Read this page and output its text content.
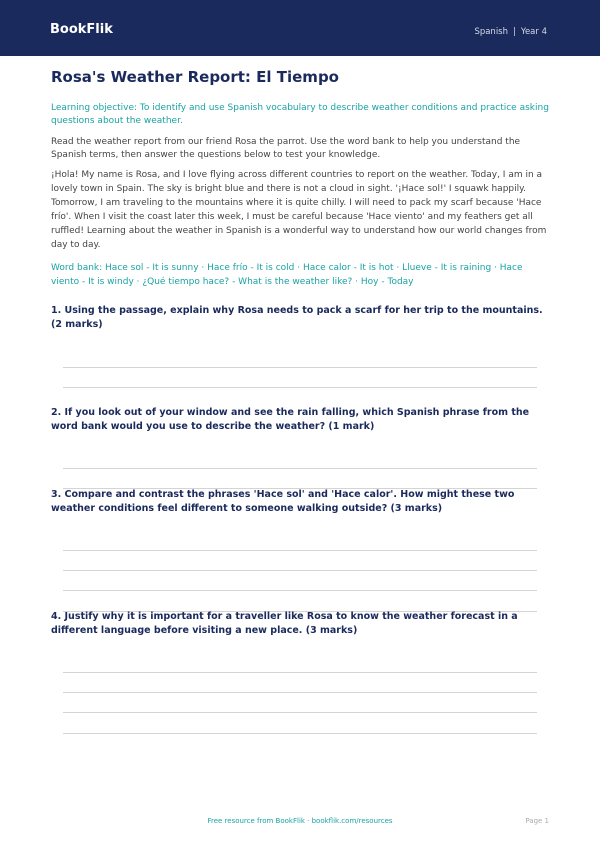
BookFlik	Spanish | Year 4
Rosa's Weather Report: El Tiempo
Learning objective: To identify and use Spanish vocabulary to describe weather conditions and practice asking questions about the weather.
Read the weather report from our friend Rosa the parrot. Use the word bank to help you understand the Spanish terms, then answer the questions below to test your knowledge.
¡Hola! My name is Rosa, and I love flying across different countries to report on the weather. Today, I am in a lovely town in Spain. The sky is bright blue and there is not a cloud in sight. '¡Hace sol!' I squawk happily. Tomorrow, I am traveling to the mountains where it is quite chilly. I will need to pack my scarf because 'Hace frío'. When I visit the coast later this week, I must be careful because 'Hace viento' and my feathers get all ruffled! Learning about the weather in Spanish is a wonderful way to understand how our world changes from day to day.
Word bank: Hace sol - It is sunny · Hace frío - It is cold · Hace calor - It is hot · Llueve - It is raining · Hace viento - It is windy · ¿Qué tiempo hace? - What is the weather like? · Hoy - Today
1. Using the passage, explain why Rosa needs to pack a scarf for her trip to the mountains. (2 marks)
2. If you look out of your window and see the rain falling, which Spanish phrase from the word bank would you use to describe the weather? (1 mark)
3. Compare and contrast the phrases 'Hace sol' and 'Hace calor'. How might these two weather conditions feel different to someone walking outside? (3 marks)
4. Justify why it is important for a traveller like Rosa to know the weather forecast in a different language before visiting a new place. (3 marks)
Free resource from BookFlik · bookflik.com/resources	Page 1
